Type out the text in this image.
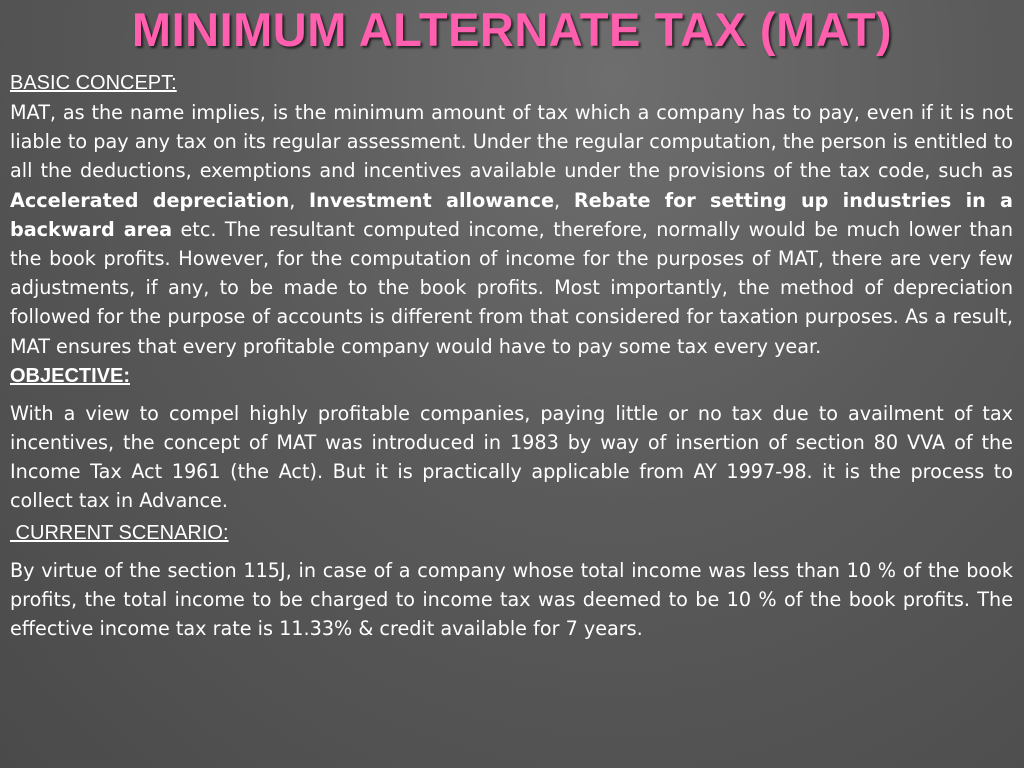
MINIMUM ALTERNATE TAX (MAT)
BASIC CONCEPT:

MAT, as the name implies, is the minimum amount of tax which a company has to pay, even if it is not liable to pay any tax on its regular assessment. Under the regular computation, the person is entitled to all the deductions, exemptions and incentives available under the provisions of the tax code, such as Accelerated depreciation, Investment allowance, Rebate for setting up industries in a backward area etc. The resultant computed income, therefore, normally would be much lower than the book profits. However, for the computation of income for the purposes of MAT, there are very few adjustments, if any, to be made to the book profits. Most importantly, the method of depreciation followed for the purpose of accounts is different from that considered for taxation purposes. As a result, MAT ensures that every profitable company would have to pay some tax every year.

OBJECTIVE:

With a view to compel highly profitable companies, paying little or no tax due to availment of tax incentives, the concept of MAT was introduced in 1983 by way of insertion of section 80 VVA of the Income Tax Act 1961 (the Act). But it is practically applicable from AY 1997-98. it is the process to collect tax in Advance.

CURRENT SCENARIO:

By virtue of the section 115J, in case of a company whose total income was less than 10 % of the book profits, the total income to be charged to income tax was deemed to be 10 % of the book profits. The effective income tax rate is 11.33% & credit available for 7 years.
